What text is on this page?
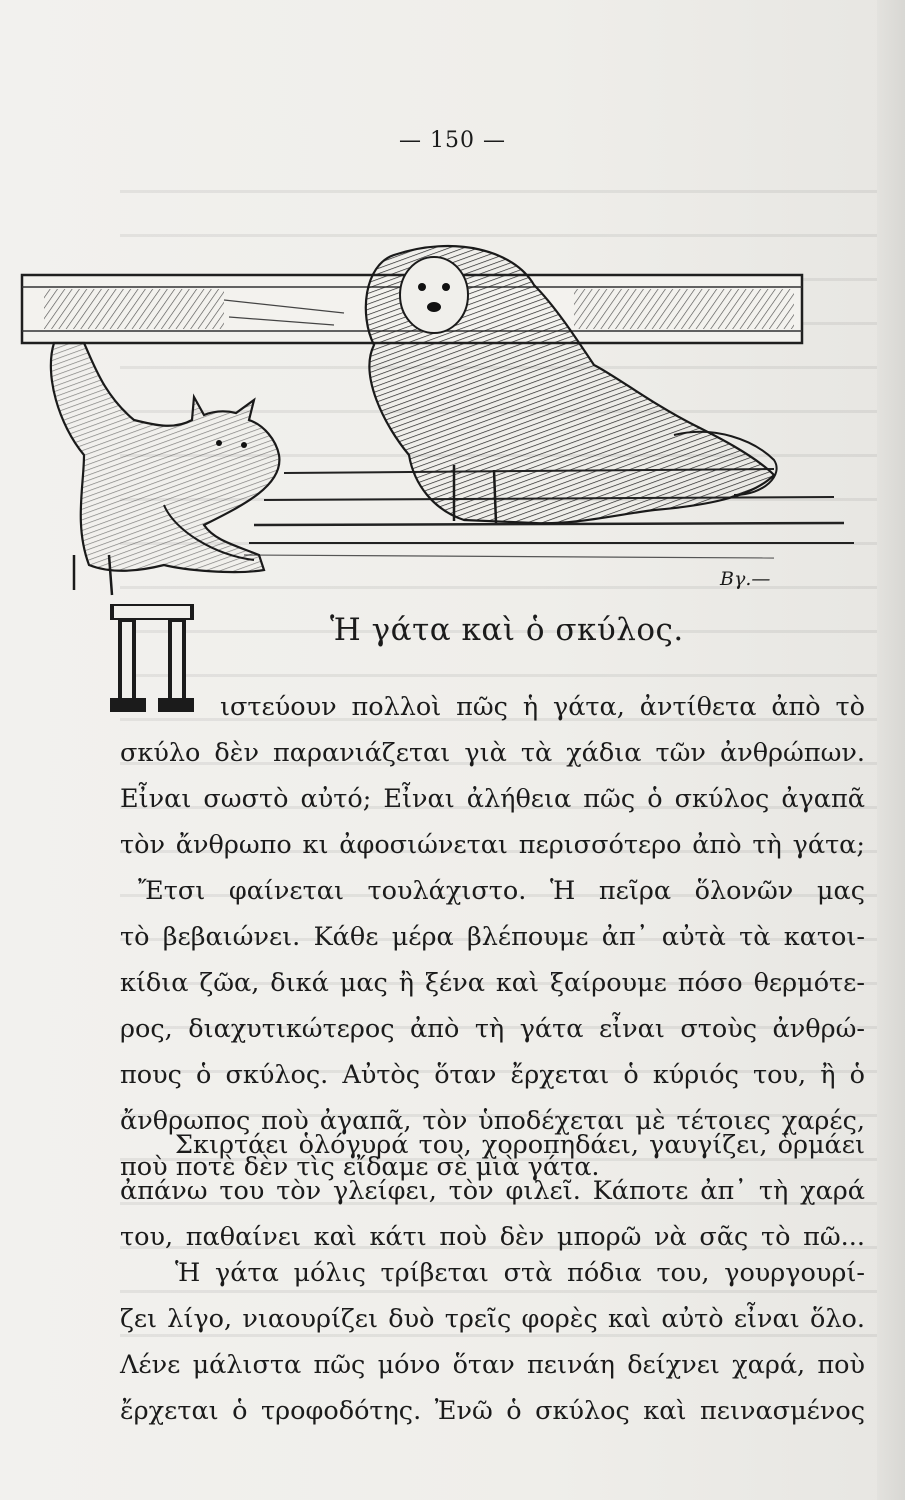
— 150 —
Bγ.—
Ἡ γάτα καὶ ὁ σκύλος.
ιστεύουν πολλοὶ πῶς ἡ γάτα, ἀντίθετα ἀπὸ τὸ
σκύλο δὲν παρανιάζεται γιὰ τὰ χάδια τῶν ἀνθρώπων.
Εἶναι σωστὸ αὐτό; Εἶναι ἀλήθεια πῶς ὁ σκύλος ἀγαπᾶ
τὸν ἄνθρωπο κι ἀφοσιώνεται περισσότερο ἀπὸ τὴ γάτα;
Ἔτσι φαίνεται τουλάχιστο. Ἡ πεῖρα ὅλονῶν μας
τὸ βεβαιώνει. Κάθε μέρα βλέπουμε ἀπ᾽ αὐτὰ τὰ κατοι-
κίδια ζῶα, δικά μας ἢ ξένα καὶ ξαίρουμε πόσο θερμότε-
ρος, διαχυτικώτερος ἀπὸ τὴ γάτα εἶναι στοὺς ἀνθρώ-
πους ὁ σκύλος. Αὐτὸς ὅταν ἔρχεται ὁ κύριός του, ἢ ὁ
ἄνθρωπος ποὺ ἀγαπᾶ, τὸν ὑποδέχεται μὲ τέτοιες χαρές,
ποὺ ποτὲ δὲν τὶς εἴδαμε σὲ μιὰ γάτα.
Σκιρτάει ὁλόγυρά του, χοροπηδάει, γαυγίζει, ὁρμάει
ἀπάνω του τὸν γλείφει, τὸν φιλεῖ. Κάποτε ἀπ᾽ τὴ χαρά
του, παθαίνει καὶ κάτι ποὺ δὲν μπορῶ νὰ σᾶς τὸ πῶ...
Ἡ γάτα μόλις τρίβεται στὰ πόδια του, γουργουρί-
ζει λίγο, νιαουρίζει δυὸ τρεῖς φορὲς καὶ αὐτὸ εἶναι ὅλο.
Λένε μάλιστα πῶς μόνο ὅταν πεινάη δείχνει χαρά, ποὺ
ἔρχεται ὁ τροφοδότης. Ἐνῶ ὁ σκύλος καὶ πεινασμένος
